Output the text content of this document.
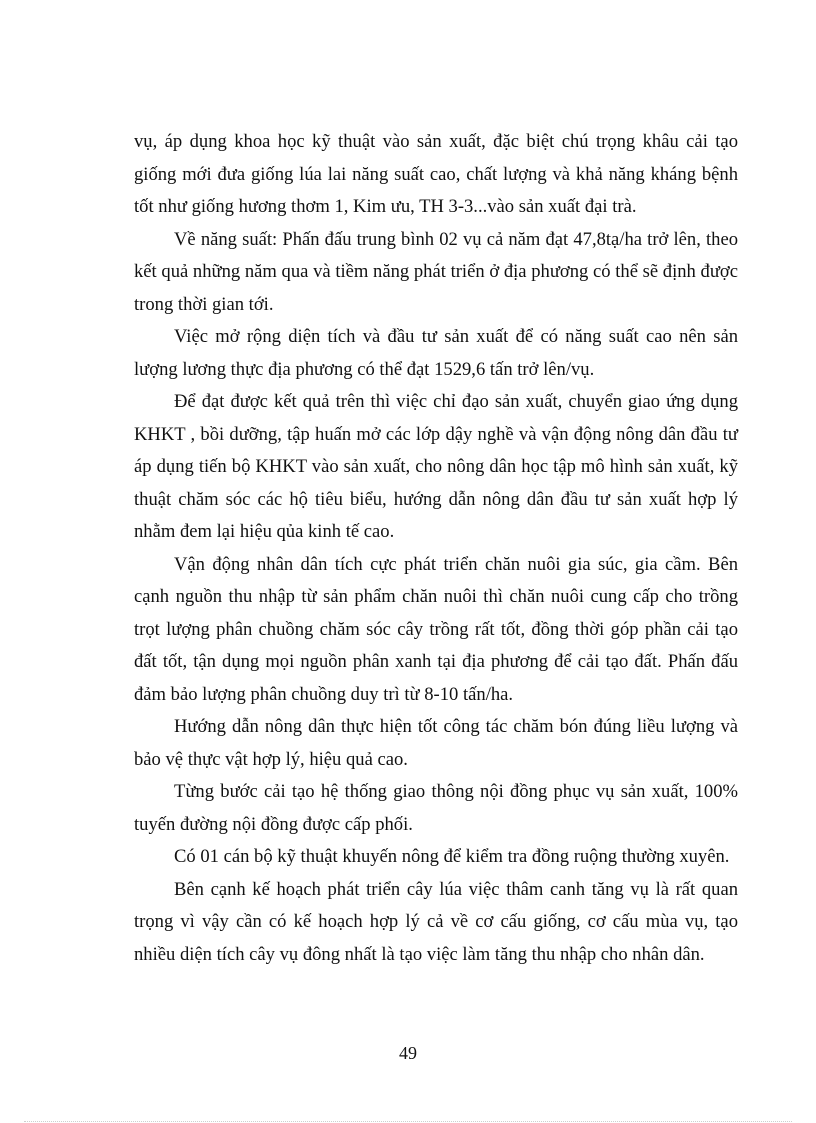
vụ, áp dụng khoa học kỹ thuật vào sản xuất, đặc biệt chú trọng khâu cải tạo giống mới đưa giống lúa lai năng suất cao, chất lượng và khả năng kháng bệnh tốt như giống hương thơm 1, Kim ưu, TH 3-3...vào sản xuất đại trà.

Về năng suất: Phấn đấu trung bình 02 vụ cả năm đạt 47,8tạ/ha trở lên, theo kết quả những năm qua và tiềm năng phát triển ở địa phương có thể sẽ định được trong thời gian tới.

Việc mở rộng diện tích và đầu tư sản xuất để có năng suất cao nên sản lượng lương thực địa phương có thể đạt 1529,6 tấn trở lên/vụ.

Để đạt được kết quả trên thì việc chỉ đạo sản xuất, chuyển giao ứng dụng KHKT , bồi dưỡng, tập huấn mở các lớp dậy nghề và vận động nông dân đầu tư áp dụng tiến bộ KHKT vào sản xuất, cho nông dân học tập mô hình sản xuất, kỹ thuật chăm sóc các hộ tiêu biểu, hướng dẫn nông dân đầu tư sản xuất hợp lý nhằm đem lại hiệu qủa kinh tế cao.

Vận động nhân dân tích cực phát triển chăn nuôi gia súc, gia cầm. Bên cạnh nguồn thu nhập từ sản phẩm chăn nuôi thì chăn nuôi cung cấp cho trồng trọt lượng phân chuồng chăm sóc cây trồng rất tốt, đồng thời góp phần cải tạo đất tốt, tận dụng mọi nguồn phân xanh tại địa phương để cải tạo đất. Phấn đấu đảm bảo lượng phân chuồng duy trì từ 8-10 tấn/ha.

Hướng dẫn nông dân thực hiện tốt công tác chăm bón đúng liều lượng và bảo vệ thực vật hợp lý, hiệu quả cao.

Từng bước cải tạo hệ thống giao thông nội đồng phục vụ sản xuất, 100% tuyến đường nội đồng được cấp phối.

Có 01 cán bộ kỹ thuật khuyến nông để kiểm tra đồng ruộng thường xuyên.

Bên cạnh kế hoạch phát triển cây lúa việc thâm canh tăng vụ là rất quan trọng vì vậy cần có kế hoạch hợp lý cả về cơ cấu giống, cơ cấu mùa vụ, tạo nhiều diện tích cây vụ đông nhất là tạo việc làm tăng thu nhập cho nhân dân.

49
